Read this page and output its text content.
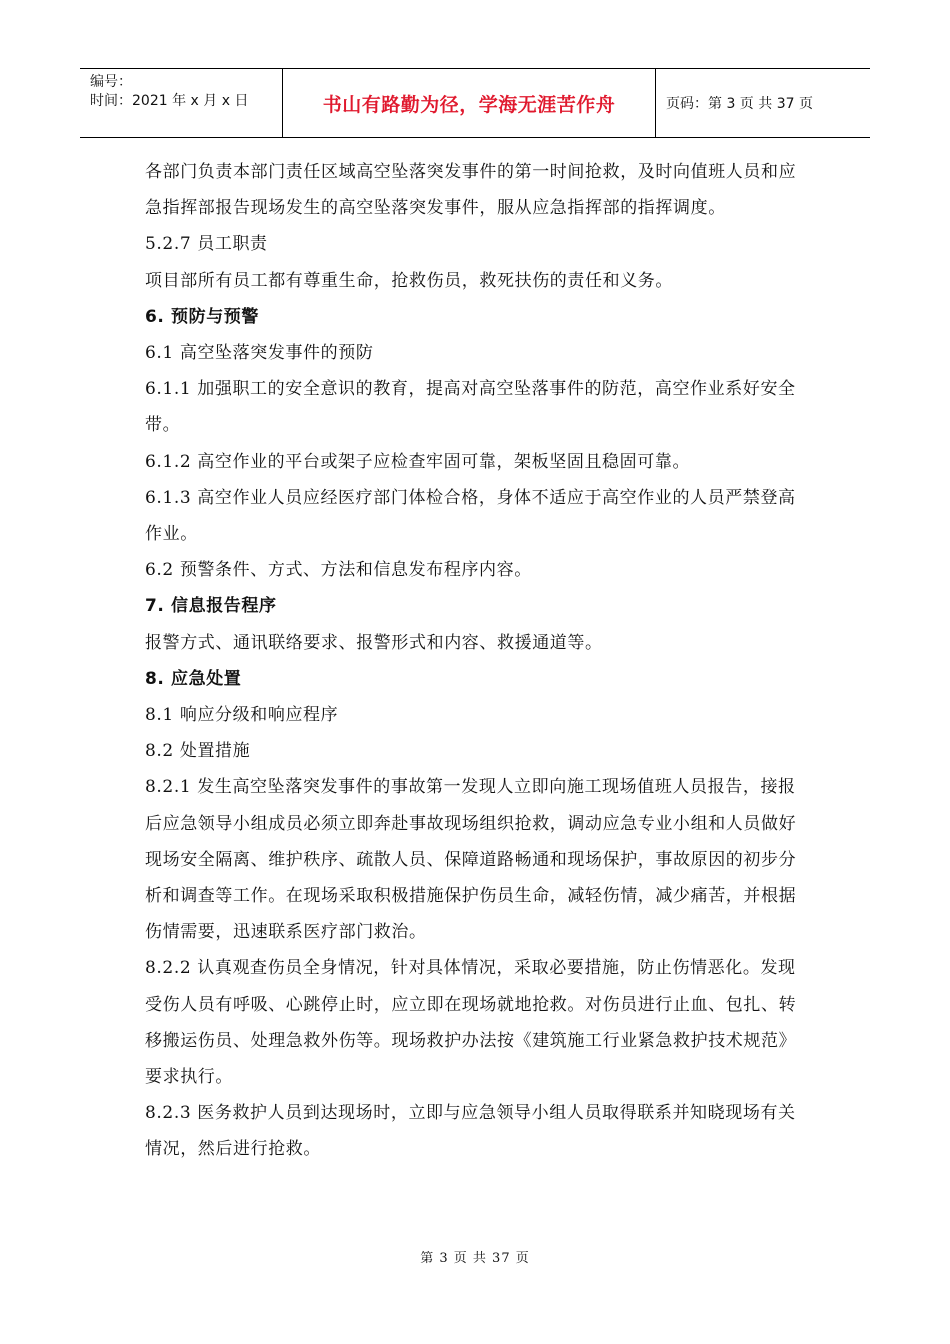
编号：
时间：2021 年 x 月 x 日	书山有路勤为径，学海无涯苦作舟	页码：第 3 页 共 37 页

各部门负责本部门责任区域高空坠落突发事件的第一时间抢救，及时向值班人员和应急指挥部报告现场发生的高空坠落突发事件，服从应急指挥部的指挥调度。

5.2.7 员工职责

项目部所有员工都有尊重生命，抢救伤员，救死扶伤的责任和义务。

6. 预防与预警

6.1 高空坠落突发事件的预防

6.1.1 加强职工的安全意识的教育，提高对高空坠落事件的防范，高空作业系好安全带。

6.1.2 高空作业的平台或架子应检查牢固可靠，架板坚固且稳固可靠。

6.1.3 高空作业人员应经医疗部门体检合格，身体不适应于高空作业的人员严禁登高作业。

6.2 预警条件、方式、方法和信息发布程序内容。

7. 信息报告程序

报警方式、通讯联络要求、报警形式和内容、救援通道等。

8. 应急处置

8.1 响应分级和响应程序

8.2 处置措施

8.2.1 发生高空坠落突发事件的事故第一发现人立即向施工现场值班人员报告，接报后应急领导小组成员必须立即奔赴事故现场组织抢救，调动应急专业小组和人员做好现场安全隔离、维护秩序、疏散人员、保障道路畅通和现场保护，事故原因的初步分析和调查等工作。在现场采取积极措施保护伤员生命，减轻伤情，减少痛苦，并根据伤情需要，迅速联系医疗部门救治。

8.2.2 认真观查伤员全身情况，针对具体情况，采取必要措施，防止伤情恶化。发现受伤人员有呼吸、心跳停止时，应立即在现场就地抢救。对伤员进行止血、包扎、转移搬运伤员、处理急救外伤等。现场救护办法按《建筑施工行业紧急救护技术规范》要求执行。

8.2.3 医务救护人员到达现场时，立即与应急领导小组人员取得联系并知晓现场有关情况，然后进行抢救。

第 3 页 共 37 页
